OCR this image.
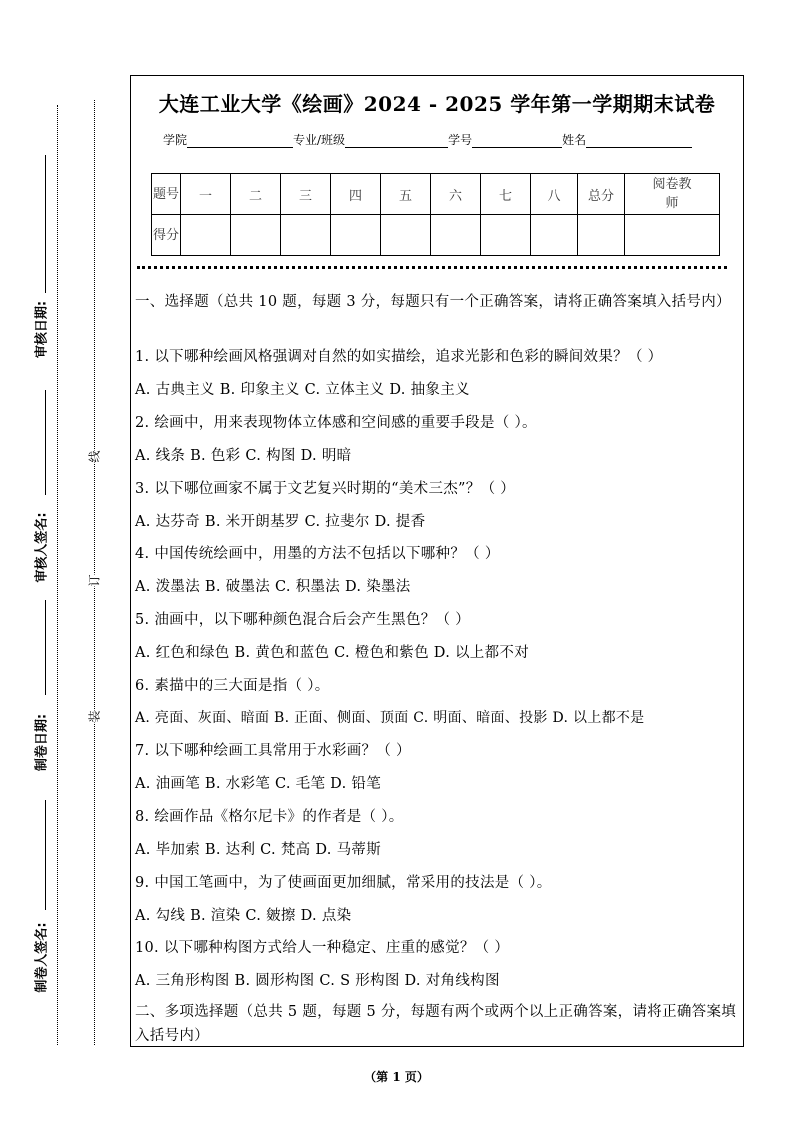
审核日期:
审核人签名:
制卷日期:
制卷人签名:
线
订
装
大连工业大学《绘画》2024 - 2025 学年第一学期期末试卷
学院	专业/班级	学号	姓名
题号	一	二	三	四	五	六	七	八	总分	阅卷教师
得分										
一、选择题（总共 10 题，每题 3 分，每题只有一个正确答案，请将正确答案填入括号内）
1. 以下哪种绘画风格强调对自然的如实描绘，追求光影和色彩的瞬间效果？（ ）
A. 古典主义 B. 印象主义 C. 立体主义 D. 抽象主义
2. 绘画中，用来表现物体立体感和空间感的重要手段是（ ）。
A. 线条 B. 色彩 C. 构图 D. 明暗
3. 以下哪位画家不属于文艺复兴时期的“美术三杰”？（ ）
A. 达芬奇 B. 米开朗基罗 C. 拉斐尔 D. 提香
4. 中国传统绘画中，用墨的方法不包括以下哪种？（ ）
A. 泼墨法 B. 破墨法 C. 积墨法 D. 染墨法
5. 油画中，以下哪种颜色混合后会产生黑色？（ ）
A. 红色和绿色 B. 黄色和蓝色 C. 橙色和紫色 D. 以上都不对
6. 素描中的三大面是指（ ）。
A. 亮面、灰面、暗面 B. 正面、侧面、顶面 C. 明面、暗面、投影 D. 以上都不是
7. 以下哪种绘画工具常用于水彩画？（ ）
A. 油画笔 B. 水彩笔 C. 毛笔 D. 铅笔
8. 绘画作品《格尔尼卡》的作者是（ ）。
A. 毕加索 B. 达利 C. 梵高 D. 马蒂斯
9. 中国工笔画中，为了使画面更加细腻，常采用的技法是（ ）。
A. 勾线 B. 渲染 C. 皴擦 D. 点染
10. 以下哪种构图方式给人一种稳定、庄重的感觉？（ ）
A. 三角形构图 B. 圆形构图 C. S 形构图 D. 对角线构图
二、多项选择题（总共 5 题，每题 5 分，每题有两个或两个以上正确答案，请将正确答案填入括号内）
（第 1 页）
